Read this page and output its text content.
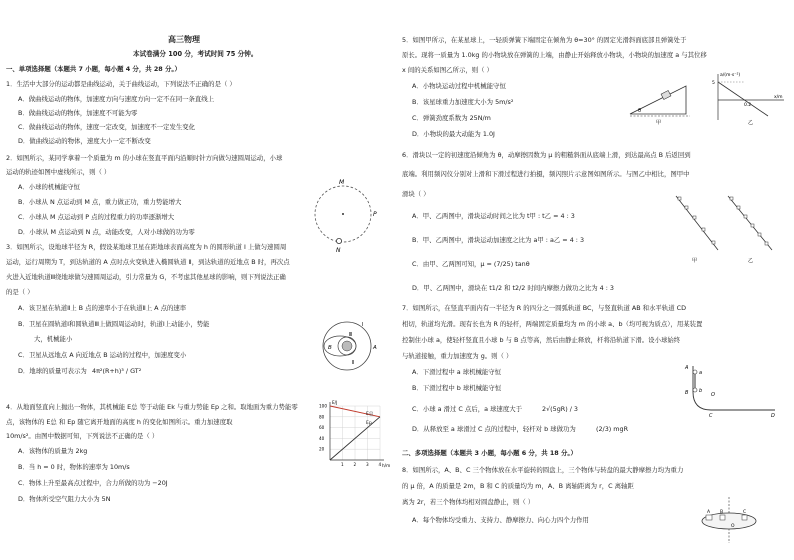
高三物理
本试卷满分 100 分，考试时间 75 分钟。
一、单项选择题（本题共 7 小题，每小题 4 分，共 28 分。）
1．生活中大部分的运动都是曲线运动，关于曲线运动，下列说法不正确的是（ ）
A．做曲线运动的物体，加速度方向与速度方向一定不在同一条直线上
B．做曲线运动的物体，加速度不可能为零
C．做曲线运动的物体，速度一定改变，加速度不一定发生变化
D．做曲线运动的物体，速度大小一定不断改变
2．如图所示，某同学拿着一个质量为 m 的小球在竖直平面内沿顺时针方向做匀速圆周运动，小球
运动的轨迹如图中虚线所示，则（ ）
A．小球的机械能守恒
B．小球从 N 点运动到 M 点，重力做正功，重力势能增大
C．小球从 M 点运动到 P 点的过程重力的功率逐渐增大
D．小球从 M 点运动到 N 点，动能改变，人对小球做的功为零
M
P
N
3．如图所示，设地球半径为 R，假设某地球卫星在距地球表面高度为 h 的圆形轨道 Ⅰ 上做匀速圆周
运动，运行周期为 T，到达轨道的 A 点时点火变轨进入椭圆轨道 Ⅱ，到达轨道的近地点 B 时，再次点
火进入近地轨道Ⅲ绕地球做匀速圆周运动，引力常量为 G，不考虑其他星球的影响，则下列说法正确
的是（ ）
A．该卫星在轨道Ⅱ上 B 点的速率小于在轨道Ⅱ上 A 点的速率
B．卫星在圆轨道Ⅰ和圆轨道Ⅲ上做圆周运动时，轨道Ⅰ上动能小，势能
大，机械能小
C．卫星从远地点 A 向近地点 B 运动的过程中，加速度变小
D．地球的质量可表示为 4π²(R+h)³ / GT²
A
B
Ⅰ
Ⅱ
Ⅲ
4．从地面竖直向上抛出一物体，其机械能 E总 等于动能 Ek 与重力势能 Ep 之和。取地面为重力势能零
点，该物体的 E总 和 Ep 随它离开地面的高度 h 的变化如图所示。重力加速度取
10m/s²。由图中数据可知，下列说法不正确的是（ ）
A．该物体的质量为 2kg
B．当 h = 0 时，物体的速率为 10m/s
C．物体上升至最高点过程中，合力所做的功为 −20J
D．物体所受空气阻力大小为 5N
E总
Ep
1 2 3 4
20
40
60
80
100
h/m
E/J
5．如图甲所示，在某星球上，一轻质弹簧下端固定在倾角为 θ=30° 的固定光滑斜面底部且弹簧处于
原长。现将一质量为 1.0kg 的小物块放在弹簧的上端，由静止开始释放小物块，小物块的加速度 a 与其位移
x 间的关系如图乙所示，则（ ）
A．小物块运动过程中机械能守恒
B．该星球重力加速度大小为 5m/s²
C．弹簧劲度系数为 25N/m
D．小物块的最大动能为 1.0J
θ
甲
a/(m·s⁻²)
x/m
5
0.2
乙
6．滑块以一定的初速度沿倾角为 θ，动摩擦因数为 μ 的粗糙斜面从底端上滑，到达最高点 B 后返回到
底端。利用频闪仪分别对上滑和下滑过程进行拍摄，频闪照片示意图如图所示。与图乙中相比，图甲中
滑块（ ）
A．甲、乙两图中，滑块运动时间之比为 t甲 : t乙 = 4 : 3
B．甲、乙两图中，滑块运动加速度之比为 a甲 : a乙 = 4 : 3
C．由甲、乙两图可知，μ = (7/25) tanθ
D．甲、乙两图中，滑块在 t1/2 和 t2/2 时间内摩擦力做功之比为 4 : 3
甲	乙
7．如图所示，在竖直平面内有一半径为 R 的四分之一圆弧轨道 BC，与竖直轨道 AB 和水平轨道 CD
相切，轨道均光滑。现有长也为 R 的轻杆，两端固定质量均为 m 的小球 a、b（均可视为质点），用某装置
控制住小球 a，使轻杆竖直且小球 b 与 B 点等高，然后由静止释放，杆将沿轨道下滑。设小球始终
与轨道接触，重力加速度为 g。则（ ）
A．下滑过程中 a 球机械能守恒
B．下滑过程中 b 球机械能守恒
C．小球 a 滑过 C 点后，a 球速度大于	2√(5gR) / 3
D．从释放至 a 球滑过 C 点的过程中，轻杆对 b 球做功为	(2/3) mgR
A
a
b
B	O
C	D
二、多项选择题（本题共 3 小题，每小题 6 分，共 18 分。）
8．如图所示，A、B、C 三个物体放在水平旋转的圆盘上，三个物体与转盘的最大静摩擦力均为重力
的 μ 倍，A 的质量是 2m，B 和 C 的质量均为 m，A、B 离轴距离为 r，C 离轴距
离为 2r，若三个物体均相对圆盘静止，则（ ）
A．每个物体均受重力、支持力、静摩擦力、向心力四个力作用
A B	C
O
